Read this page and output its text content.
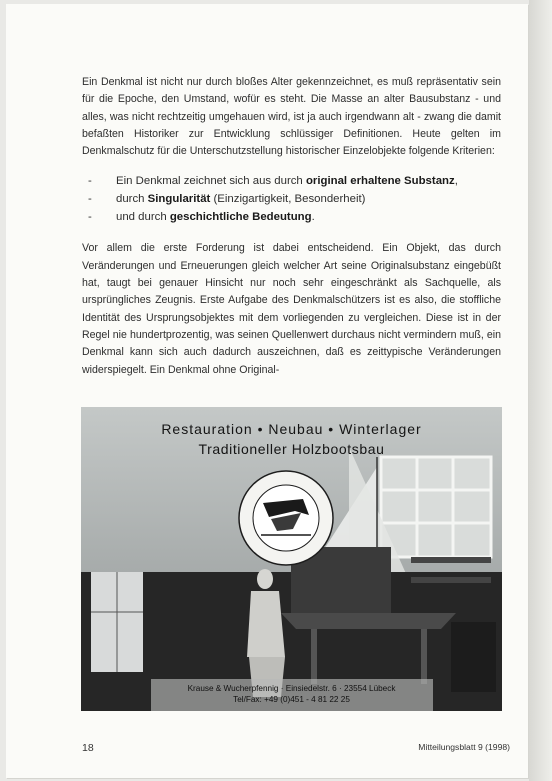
Ein Denkmal ist nicht nur durch bloßes Alter gekennzeichnet, es muß repräsentativ sein für die Epoche, den Umstand, wofür es steht. Die Masse an alter Bausubstanz - und alles, was nicht rechtzeitig umgehauen wird, ist ja auch irgendwann alt - zwang die damit befaßten Historiker zur Entwicklung schlüssiger Definitionen. Heute gelten im Denkmalschutz für die Unterschutzstellung historischer Einzelobjekte folgende Kriterien:

- Ein Denkmal zeichnet sich aus durch original erhaltene Substanz,
- durch Singularität (Einzigartigkeit, Besonderheit)
- und durch geschichtliche Bedeutung.

Vor allem die erste Forderung ist dabei entscheidend. Ein Objekt, das durch Veränderungen und Erneuerungen gleich welcher Art seine Originalsubstanz eingebüßt hat, taugt bei genauer Hinsicht nur noch sehr eingeschränkt als Sachquelle, als ursprüngliches Zeugnis. Erste Aufgabe des Denkmalschützers ist es also, die stoffliche Identität des Ursprungsobjektes mit dem vorliegenden zu vergleichen. Diese ist in der Regel nie hundertprozentig, was seinen Quellenwert durchaus nicht vermindern muß, ein Denkmal kann sich auch dadurch auszeichnen, daß es zeittypische Veränderungen widerspiegelt. Ein Denkmal ohne Original-

Restauration • Neubau • Winterlager
Traditioneller Holzbootsbau
Krause & Wucherpfennig · Einsiedelstr. 6 · 23554 Lübeck
Tel/Fax: +49 (0)451 - 4 81 22 25
18	Mitteilungsblatt 9 (1998)
